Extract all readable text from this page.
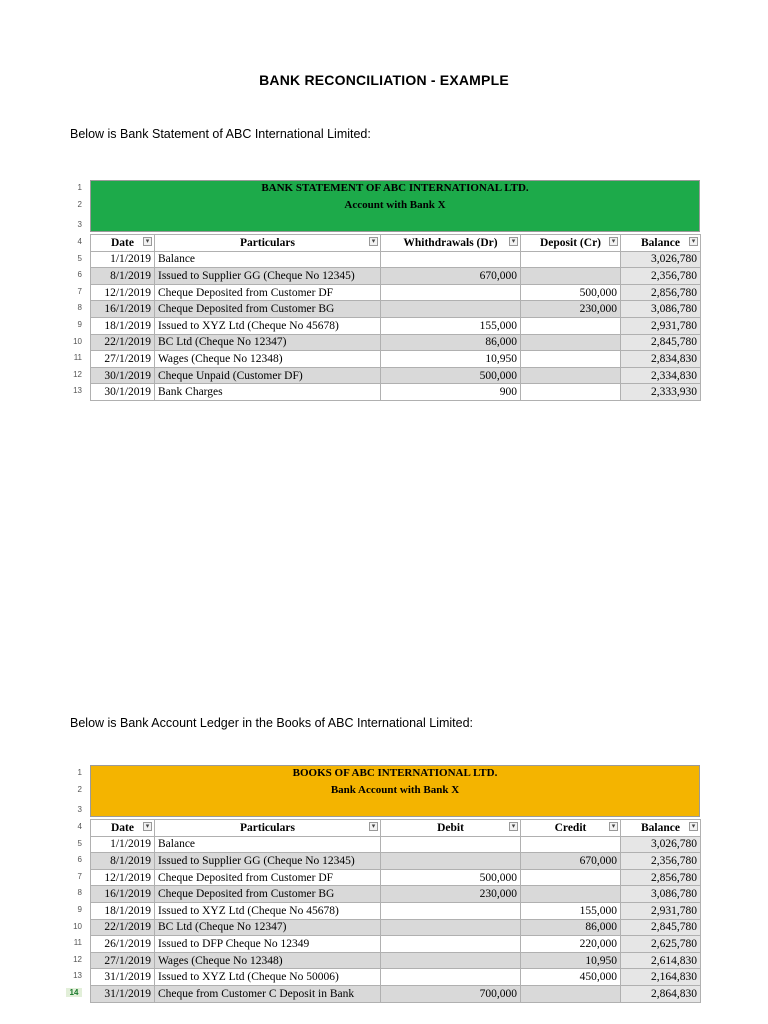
BANK RECONCILIATION - EXAMPLE
Below is Bank Statement of ABC International Limited:
BANK STATEMENT OF ABC INTERNATIONAL LTD.
Account with Bank X
1
2
3
4
5
6
7
8
9
10
11
12
13
Date ▾	Particulars ▾	Whithdrawals (Dr) ▾	Deposit (Cr) ▾	Balance ▾

1/1/2019	Balance			3,026,780
8/1/2019	Issued to Supplier GG (Cheque No 12345)	670,000		2,356,780
12/1/2019	Cheque Deposited from Customer DF		500,000	2,856,780
16/1/2019	Cheque Deposited from Customer BG		230,000	3,086,780
18/1/2019	Issued to XYZ Ltd (Cheque No 45678)	155,000		2,931,780
22/1/2019	BC Ltd (Cheque No 12347)	86,000		2,845,780
27/1/2019	Wages (Cheque No 12348)	10,950		2,834,830
30/1/2019	Cheque Unpaid (Customer DF)	500,000		2,334,830
30/1/2019	Bank Charges	900		2,333,930
Below is Bank Account Ledger in the Books of ABC International Limited:
BOOKS OF ABC INTERNATIONAL LTD.
Bank Account with Bank X
1
2
3
4
5
6
7
8
9
10
11
12
13
14
Date ▾	Particulars ▾	Debit ▾	Credit ▾	Balance ▾

1/1/2019	Balance			3,026,780
8/1/2019	Issued to Supplier GG (Cheque No 12345)		670,000	2,356,780
12/1/2019	Cheque Deposited from Customer DF	500,000		2,856,780
16/1/2019	Cheque Deposited from Customer BG	230,000		3,086,780
18/1/2019	Issued to XYZ Ltd (Cheque No 45678)		155,000	2,931,780
22/1/2019	BC Ltd (Cheque No 12347)		86,000	2,845,780
26/1/2019	Issued to DFP Cheque No 12349		220,000	2,625,780
27/1/2019	Wages (Cheque No 12348)		10,950	2,614,830
31/1/2019	Issued to XYZ Ltd (Cheque No 50006)		450,000	2,164,830
31/1/2019	Cheque from Customer C Deposit in Bank	700,000		2,864,830
